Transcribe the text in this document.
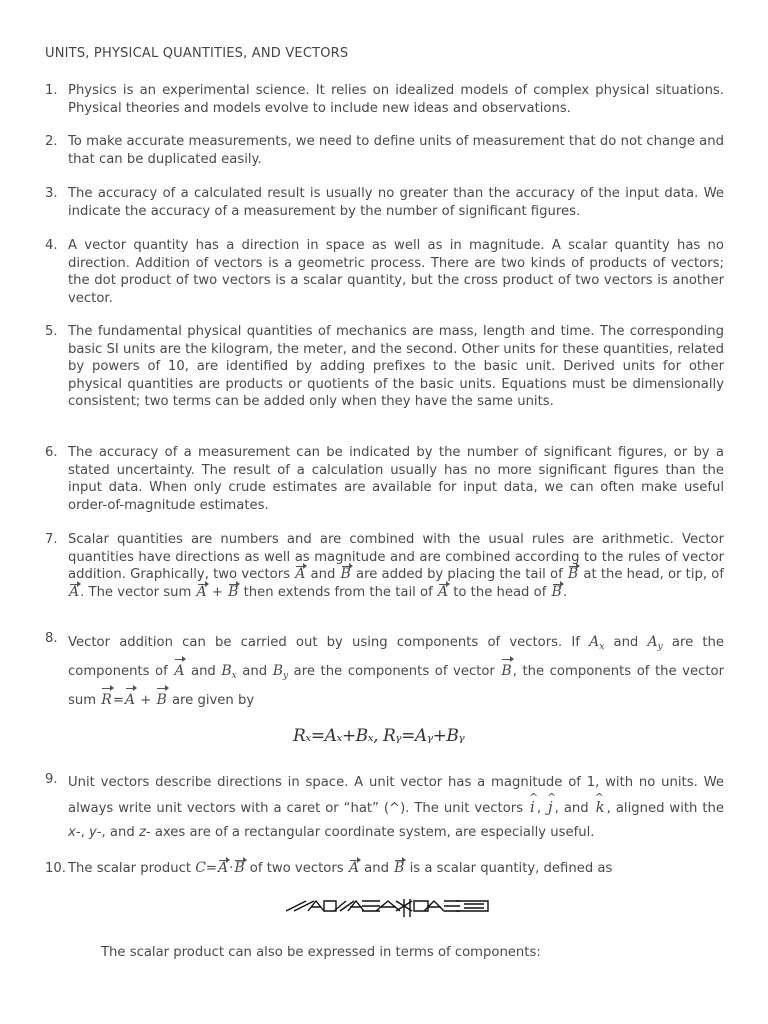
UNITS, PHYSICAL QUANTITIES, AND VECTORS
1. Physics is an experimental science. It relies on idealized models of complex physical situations. Physical theories and models evolve to include new ideas and observations.
2. To make accurate measurements, we need to define units of measurement that do not change and that can be duplicated easily.
3. The accuracy of a calculated result is usually no greater than the accuracy of the input data. We indicate the accuracy of a measurement by the number of significant figures.
4. A vector quantity has a direction in space as well as in magnitude. A scalar quantity has no direction. Addition of vectors is a geometric process. There are two kinds of products of vectors; the dot product of two vectors is a scalar quantity, but the cross product of two vectors is another vector.
5. The fundamental physical quantities of mechanics are mass, length and time. The corresponding basic SI units are the kilogram, the meter, and the second. Other units for these quantities, related by powers of 10, are identified by adding prefixes to the basic unit. Derived units for other physical quantities are products or quotients of the basic units. Equations must be dimensionally consistent; two terms can be added only when they have the same units.
6. The accuracy of a measurement can be indicated by the number of significant figures, or by a stated uncertainty. The result of a calculation usually has no more significant figures than the input data. When only crude estimates are available for input data, we can often make useful order-of-magnitude estimates.
7. Scalar quantities are numbers and are combined with the usual rules are arithmetic. Vector quantities have directions as well as magnitude and are combined according to the rules of vector addition. Graphically, two vectors A and B are added by placing the tail of B at the head, or tip, of A. The vector sum A + B then extends from the tail of A to the head of B.
8. Vector addition can be carried out by using components of vectors. If $A_x$ and $A_y$ are the components of A and $B_x$ and $B_y$ are the components of vector B, the components of the vector sum R=A + B are given by
Rₓ=Aₓ+Bₓ, Rᵧ=Aᵧ+Bᵧ
9. Unit vectors describe directions in space. A unit vector has a magnitude of 1, with no units. We always write unit vectors with a caret or “hat” (^). The unit vectors ^ i , ^ j , and ^ k , aligned with the x-, y-, and z- axes are of a rectangular coordinate system, are especially useful.
10. The scalar product C=A·B of two vectors A and B is a scalar quantity, defined as
The scalar product can also be expressed in terms of components:
